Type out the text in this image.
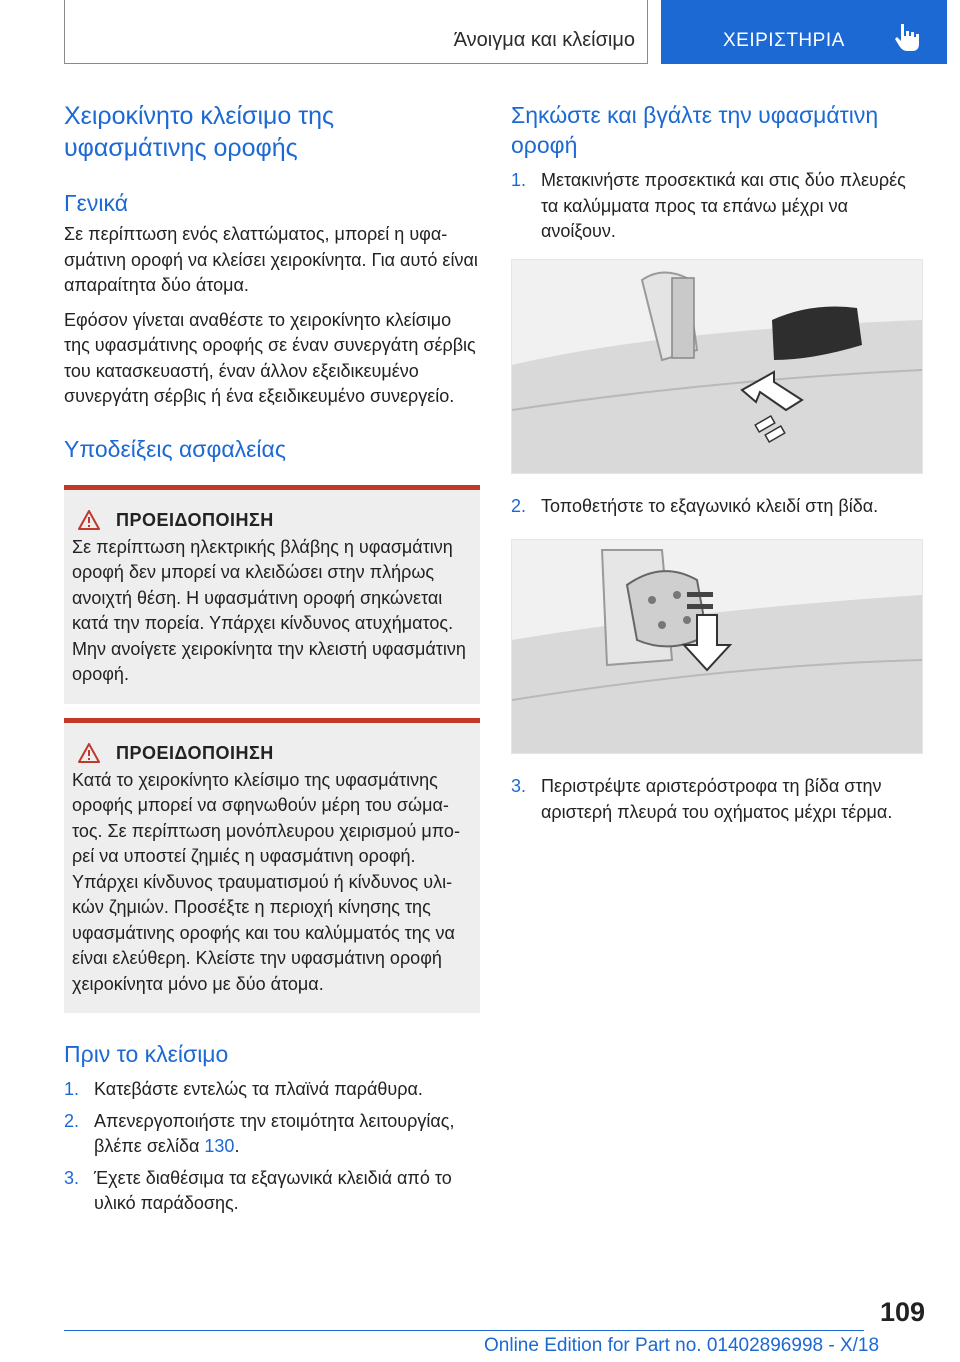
Άνοιγμα και κλείσιμο	ΧΕΙΡΙΣΤΗΡΙΑ
Χειροκίνητο κλείσιμο της υφασμάτινης οροφής
Γενικά

Σε περίπτωση ενός ελαττώματος, μπορεί η υφασμάτινη οροφή να κλείσει χειροκίνητα. Για αυτό είναι απαραίτητα δύο άτομα.

Εφόσον γίνεται αναθέστε το χειροκίνητο κλείσιμο της υφασμάτινης οροφής σε έναν συνεργάτη σέρβις του κατασκευαστή, έναν άλλον εξειδικευμένο συνεργάτη σέρβις ή ένα εξειδικευμένο συνεργείο.

Υποδείξεις ασφαλείας
ΠΡΟΕΙΔΟΠΟΙΗΣΗ

Σε περίπτωση ηλεκτρικής βλάβης η υφασμάτινη οροφή δεν μπορεί να κλειδώσει στην πλήρως ανοιχτή θέση. Η υφασμάτινη οροφή σηκώνεται κατά την πορεία. Υπάρχει κίνδυνος ατυχήματος. Μην ανοίγετε χειροκίνητα την κλειστή υφασμάτινη οροφή.

ΠΡΟΕΙΔΟΠΟΙΗΣΗ

Κατά το χειροκίνητο κλείσιμο της υφασμάτινης οροφής μπορεί να σφηνωθούν μέρη του σώματος. Σε περίπτωση μονόπλευρου χειρισμού μπορεί να υποστεί ζημιές η υφασμάτινη οροφή. Υπάρχει κίνδυνος τραυματισμού ή κίνδυνος υλικών ζημιών. Προσέξτε η περιοχή κίνησης της υφασμάτινης οροφής και του καλύμματός της να είναι ελεύθερη. Κλείστε την υφασμάτινη οροφή χειροκίνητα μόνο με δύο άτομα.

Πριν το κλείσιμο
1. Κατεβάστε εντελώς τα πλαϊνά παράθυρα.
2. Απενεργοποιήστε την ετοιμότητα λειτουργίας, βλέπε σελίδα 130.
3. Έχετε διαθέσιμα τα εξαγωνικά κλειδιά από το υλικό παράδοσης.
Σηκώστε και βγάλτε την υφασμάτινη οροφή
1. Μετακινήστε προσεκτικά και στις δύο πλευρές τα καλύμματα προς τα επάνω μέχρι να ανοίξουν.
2. Τοποθετήστε το εξαγωνικό κλειδί στη βίδα.
3. Περιστρέψτε αριστερόστροφα τη βίδα στην αριστερή πλευρά του οχήματος μέχρι τέρμα.
109
Online Edition for Part no. 01402896998 - X/18
